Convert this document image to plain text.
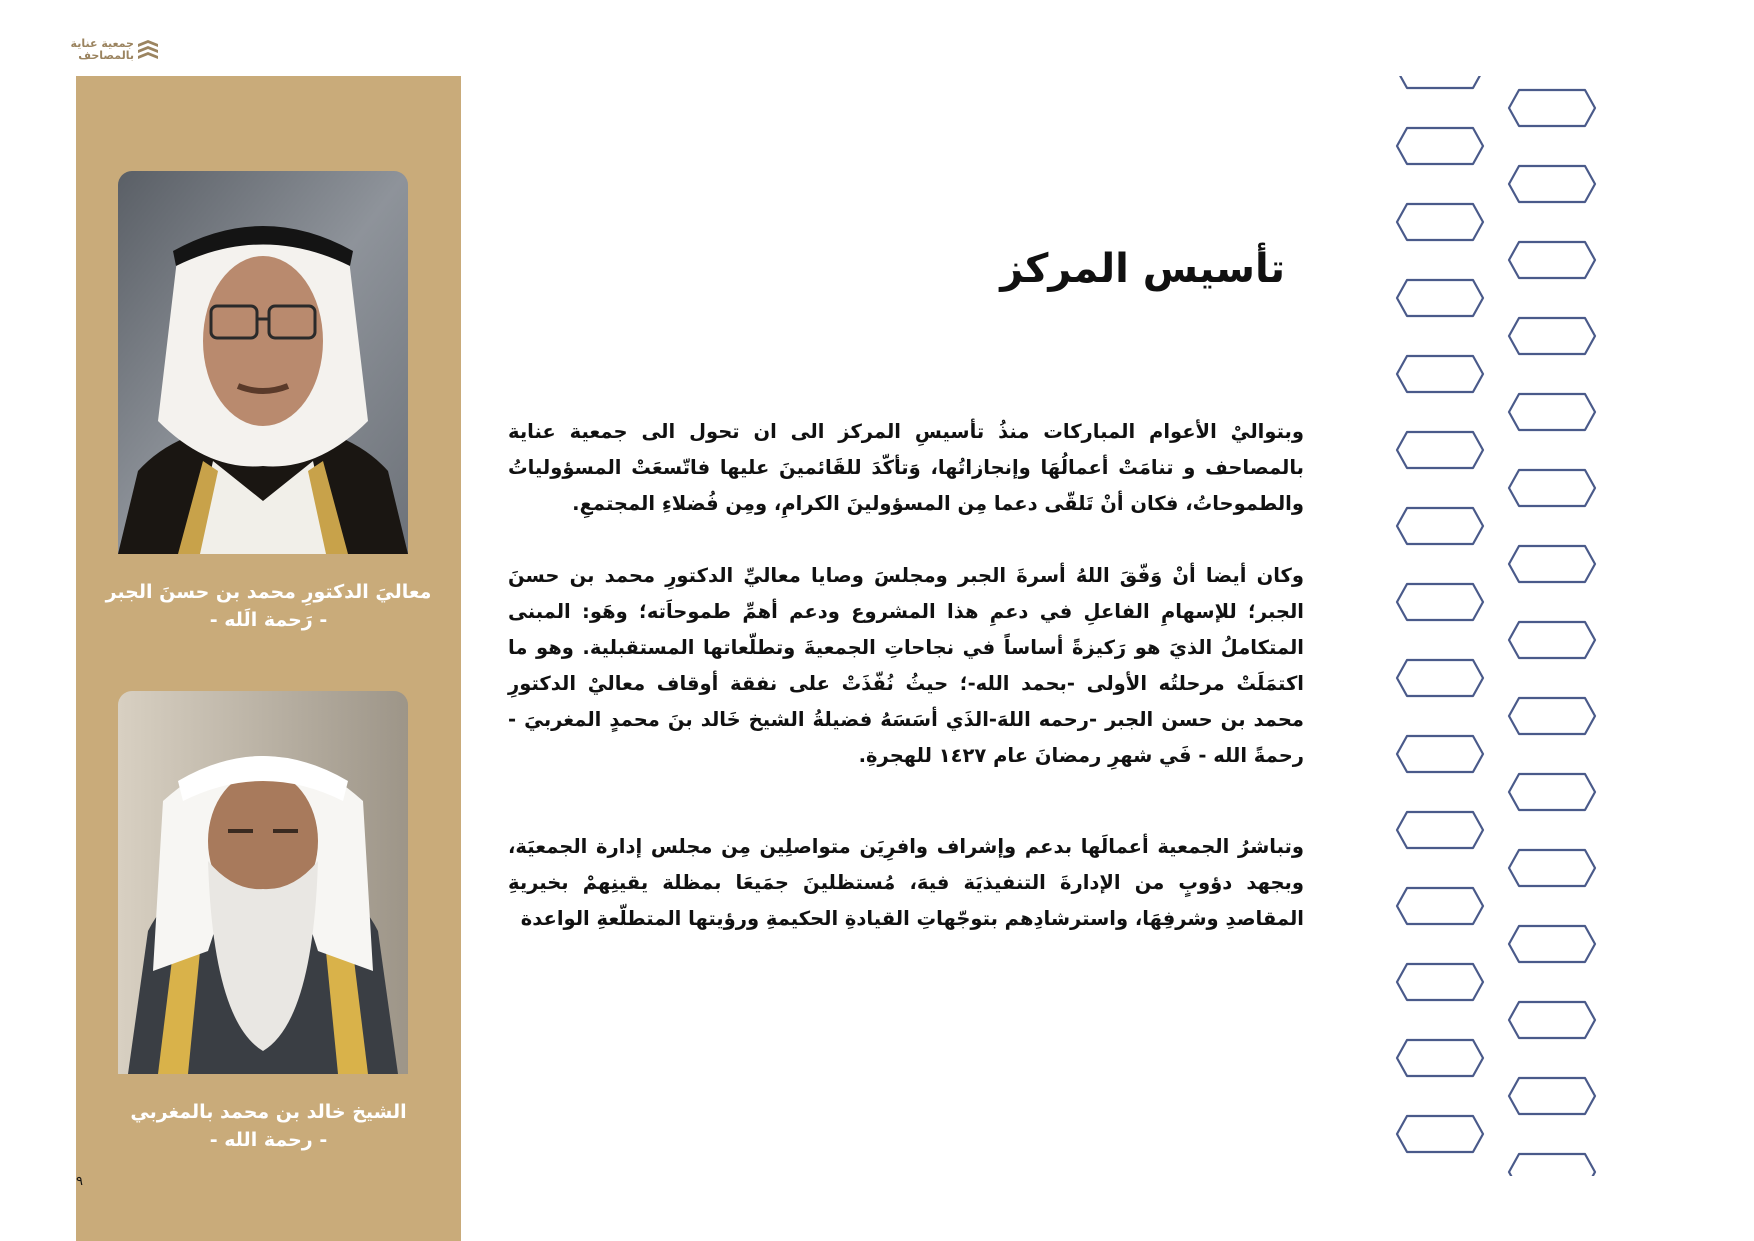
جمعية عناية
بالمصاحف
معاليَ الدكتورِ محمد بن حسنَ الجبر
- رَحمة الَله -
الشيخ خالد بن محمد بالمغربي
- رحمة الله -
٩
تأسيس المركز
وبتواليْ الأعوام المباركات منذُ تأسيسِ المركز الى ان تحول الى جمعية عناية بالمصاحف و تنامَتْ أعمالُهَا وإنجازاتُها، وَتأكّدَ للقَائمينَ عليها فاتّسعَتْ المسؤولياتُ والطموحاتُ، فكان أنْ تَلقّى دعما مِن المسؤولينَ الكرامِ، ومِن فُضلاءِ المجتمعِ.
وكان أيضا أنْ وَفّقَ اللهُ أسرةَ الجبر ومجلسَ وصايا معاليِّ الدكتورِ محمد بن حسنَ الجبر؛ للإسهامِ الفاعلِ في دعمِ هذا المشروع ودعم أهمِّ طموحاَته؛ وهَو: المبنى المتكاملُ الذيَ هو رَكيزةً أساساً في نجاحاتِ الجمعيةَ وتطلّعاتها المستقبلية. وهو ما اكتمَلَتْ مرحلتُه الأولى -بحمد الله-؛ حيثُ نُفّذَتْ على نفقة أوقاف معاليْ الدكتورِ محمد بن حسن الجبر -رحمه اللهَ-الذَي أسَسَهُ فضيلةُ الشيخ خَالد بنَ محمدٍ المغربيَ - رحمةً الله - فَي شهرِ رمضانَ عام ١٤٢٧ للهجرةِ.
وتباشرُ الجمعية أعمالَها بدعم وإشراف وافرِيَن متواصلِين مِن مجلس إدارة الجمعيَة، وبجهد دؤوبٍ من الإدارةَ التنفيذيَة فيهَ، مُستظلينَ جمَيعَا بمظلة يقينِهمْ بخيريةِ المقاصدِ وشرفِهَا، واسترشادِهم بتوجّهاتِ القيادةِ الحكيمةِ ورؤيتها المتطلّعةِ الواعدة
